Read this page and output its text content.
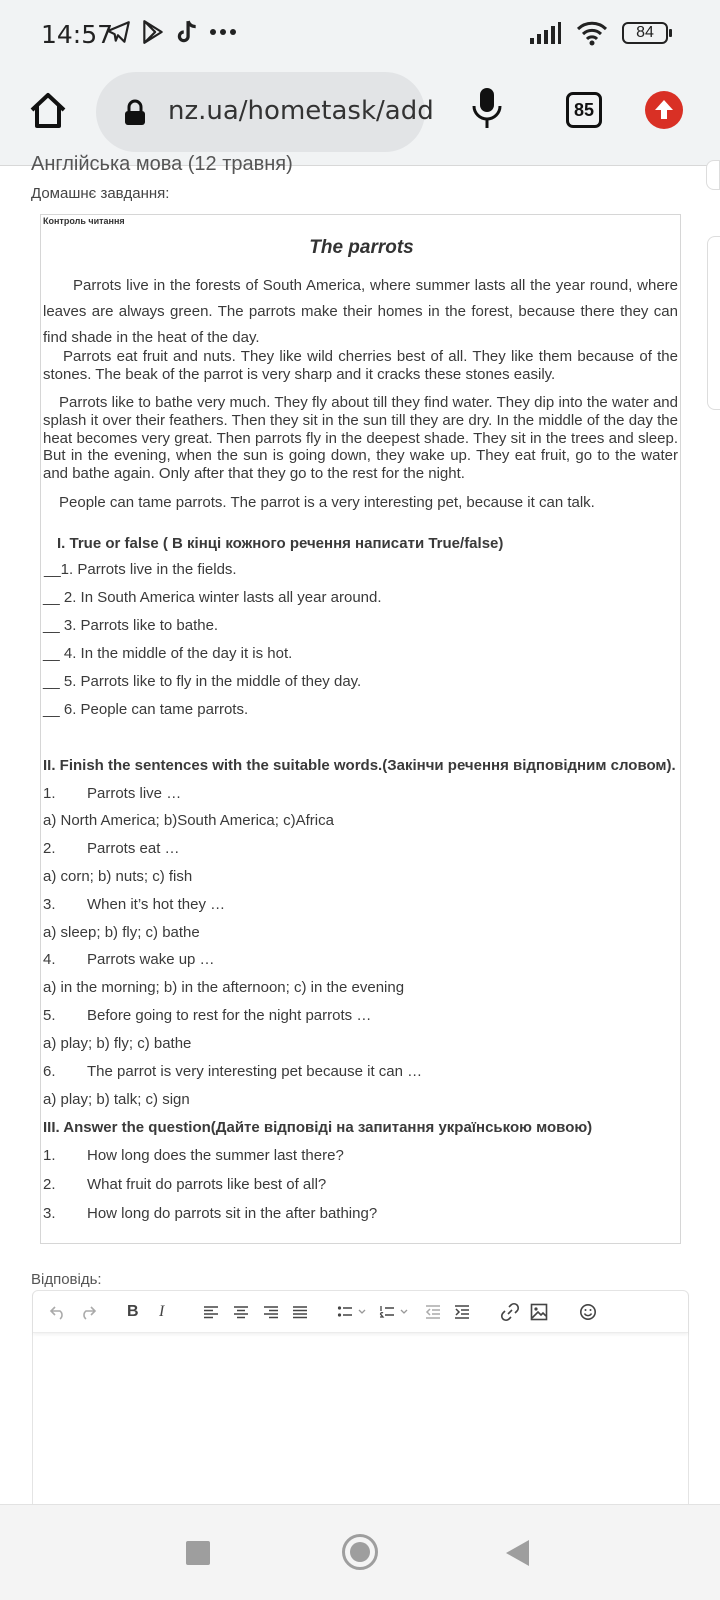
14:57	84
nz.ua/hometask/add	85
Англійська мова (12 травня)
Домашнє завдання:
Контроль читання
The parrots
Parrots live in the forests of South America, where summer lasts all the year round, where leaves are always green. The parrots make their homes in the forest, because there they can find shade in the heat of the day.
Parrots eat fruit and nuts. They like wild cherries best of all. They like them because of the stones. The beak of the parrot is very sharp and it cracks these stones easily.
Parrots like to bathe very much. They fly about till they find water. They dip into the water and splash it over their feathers. Then they sit in the sun till they are dry. In the middle of the day the heat becomes very great. Then parrots fly in the deepest shade. They sit in the trees and sleep. But in the evening, when the sun is going down, they wake up. They eat fruit, go to the water and bathe again. Only after that they go to the rest for the night.
People can tame parrots. The parrot is a very interesting pet, because it can talk.
I. True or false ( В кінці кожного речення написати True/false)
__1. Parrots live in the fields.
__ 2. In South America winter lasts all year around.
__ 3. Parrots like to bathe.
__ 4. In the middle of the day it is hot.
__ 5. Parrots like to fly in the middle of they day.
__ 6. People can tame parrots.
II. Finish the sentences with the suitable words.(Закінчи речення відповідним словом).
1. Parrots live …
a) North America; b)South America; c)Africa
2. Parrots eat …
a) corn; b) nuts; c) fish
3. When it’s hot they …
a) sleep; b) fly; c) bathe
4. Parrots wake up …
a) in the morning; b) in the afternoon; c) in the evening
5. Before going to rest for the night parrots …
a) play; b) fly; c) bathe
6. The parrot is very interesting pet because it can …
a) play; b) talk; c) sign
III. Answer the question(Дайте відповіді на запитання українською мовою)
1. How long does the summer last there?
2. What fruit do parrots like best of all?
3. How long do parrots sit in the after bathing?
Відповідь:
B I
